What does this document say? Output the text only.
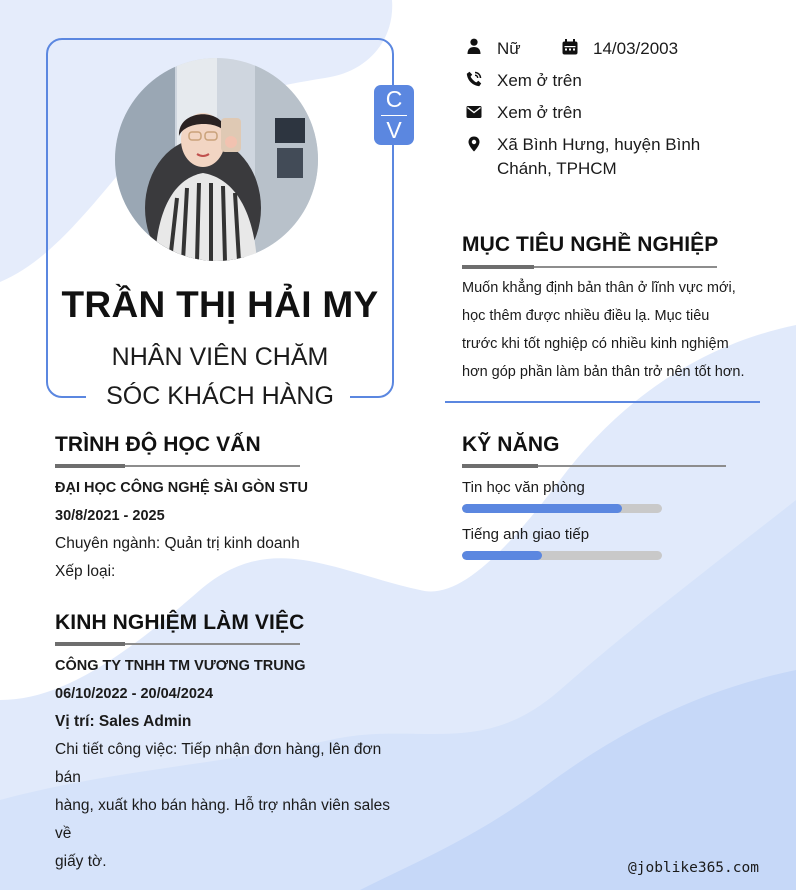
TRẦN THỊ HẢI MY
NHÂN VIÊN CHĂM
SÓC KHÁCH HÀNG
C
V
Nữ	14/03/2003
Xem ở trên
Xem ở trên
Xã Bình Hưng, huyện Bình
Chánh, TPHCM
MỤC TIÊU NGHỀ NGHIỆP
Muốn khẳng định bản thân ở lĩnh vực mới,
học thêm được nhiều điều lạ. Mục tiêu
trước khi tốt nghiệp có nhiều kinh nghiệm
hơn góp phần làm bản thân trở nên tốt hơn.
TRÌNH ĐỘ HỌC VẤN
ĐẠI HỌC CÔNG NGHỆ SÀI GÒN STU
30/8/2021 - 2025
Chuyên ngành: Quản trị kinh doanh
Xếp loại:
KINH NGHIỆM LÀM VIỆC
CÔNG TY TNHH TM VƯƠNG TRUNG
06/10/2022 - 20/04/2024
Vị trí: Sales Admin
Chi tiết công việc: Tiếp nhận đơn hàng, lên đơn bán
hàng, xuất kho bán hàng. Hỗ trợ nhân viên sales về
giấy tờ.
KỸ NĂNG
Tin học văn phòng
Tiếng anh giao tiếp
@joblike365.com
